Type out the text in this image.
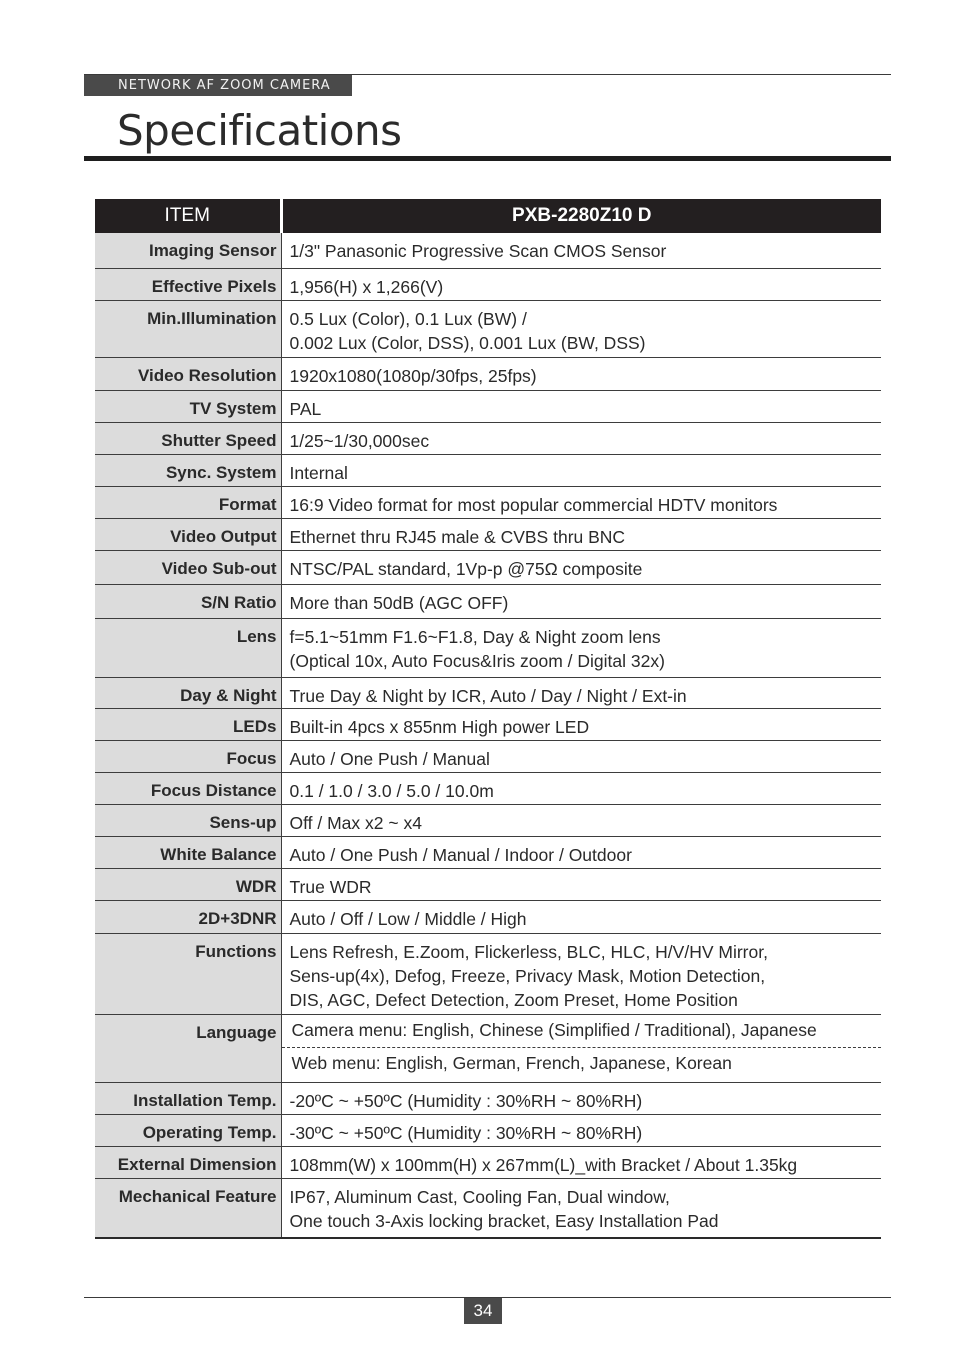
NETWORK AF ZOOM CAMERA
Specifications
ITEM	PXB-2280Z10 D
Imaging Sensor	1/3" Panasonic Progressive Scan CMOS Sensor

Effective Pixels	1,956(H) x 1,266(V)

Min.Illumination	0.5 Lux (Color), 0.1 Lux (BW) /
0.002 Lux (Color, DSS), 0.001 Lux (BW, DSS)

Video Resolution	1920x1080(1080p/30fps, 25fps)

TV System	PAL

Shutter Speed	1/25~1/30,000sec

Sync. System	Internal

Format	16:9 Video format for most popular commercial HDTV monitors

Video Output	Ethernet thru RJ45 male & CVBS thru BNC

Video Sub-out	NTSC/PAL standard, 1Vp-p @75Ω composite

S/N Ratio	More than 50dB (AGC OFF)

Lens	f=5.1~51mm F1.6~F1.8, Day & Night zoom lens
(Optical 10x, Auto Focus&Iris zoom / Digital 32x)

Day & Night	True Day & Night by ICR, Auto / Day / Night / Ext-in

LEDs	Built-in 4pcs x 855nm High power LED

Focus	Auto / One Push / Manual

Focus Distance	0.1 / 1.0 / 3.0 / 5.0 / 10.0m

Sens-up	Off / Max x2 ~ x4

White Balance	Auto / One Push / Manual / Indoor / Outdoor

WDR	True WDR

2D+3DNR	Auto / Off / Low / Middle / High

Functions	Lens Refresh, E.Zoom, Flickerless, BLC, HLC, H/V/HV Mirror,
Sens-up(4x), Defog, Freeze, Privacy Mask, Motion Detection,
DIS, AGC, Defect Detection, Zoom Preset, Home Position

Language	Camera menu: English, Chinese (Simplified / Traditional), Japanese
Web menu: English, German, French, Japanese, Korean

Installation Temp.	-20ºC ~ +50ºC (Humidity : 30%RH ~ 80%RH)

Operating Temp.	-30ºC ~ +50ºC (Humidity : 30%RH ~ 80%RH)

External Dimension	108mm(W) x 100mm(H) x 267mm(L)_with Bracket / About 1.35kg

Mechanical Feature	IP67, Aluminum Cast, Cooling Fan, Dual window,
One touch 3-Axis locking bracket, Easy Installation Pad
34
